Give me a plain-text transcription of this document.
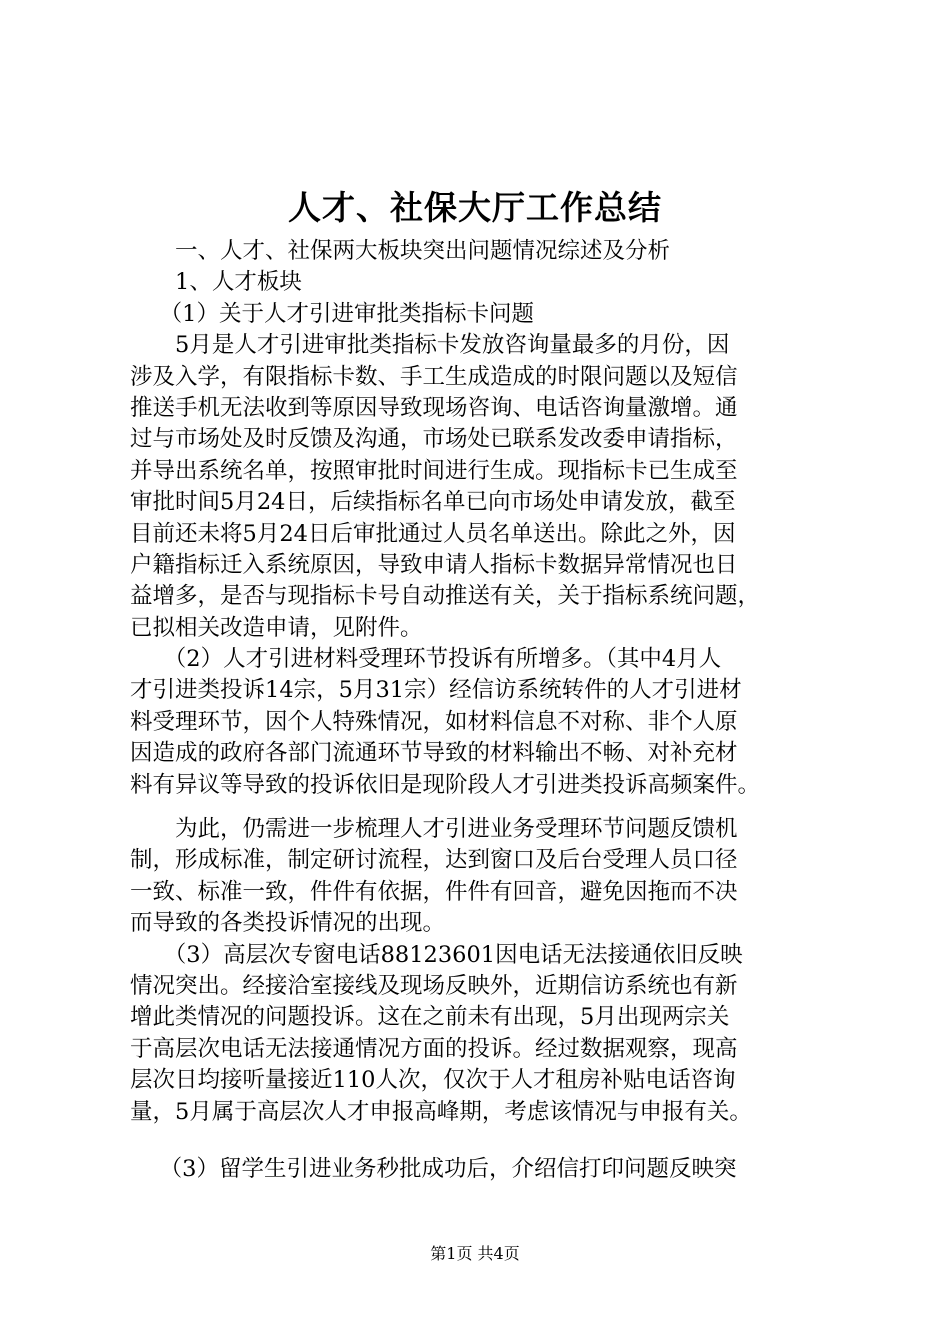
人才、社保大厅工作总结
　　一、人才、社保两大板块突出问题情况综述及分析
　　1、人才板块
　 （1）关于人才引进审批类指标卡问题
　　5月是人才引进审批类指标卡发放咨询量最多的月份，因
涉及入学，有限指标卡数、手工生成造成的时限问题以及短信
推送手机无法收到等原因导致现场咨询、电话咨询量激增。通
过与市场处及时反馈及沟通，市场处已联系发改委申请指标，
并导出系统名单，按照审批时间进行生成。现指标卡已生成至
审批时间5月24日，后续指标名单已向市场处申请发放，截至
目前还未将5月24日后审批通过人员名单送出。除此之外，因
户籍指标迁入系统原因，导致申请人指标卡数据异常情况也日
益增多，是否与现指标卡号自动推送有关，关于指标系统问题，
已拟相关改造申请，见附件。
　　（2）人才引进材料受理环节投诉有所增多。（其中4月人
才引进类投诉14宗，5月31宗）经信访系统转件的人才引进材
料受理环节，因个人特殊情况，如材料信息不对称、非个人原
因造成的政府各部门流通环节导致的材料输出不畅、对补充材
料有异议等导致的投诉依旧是现阶段人才引进类投诉高频案件。
　　为此，仍需进一步梳理人才引进业务受理环节问题反馈机
制，形成标准，制定研讨流程，达到窗口及后台受理人员口径
一致、标准一致，件件有依据，件件有回音，避免因拖而不决
而导致的各类投诉情况的出现。
　　（3）高层次专窗电话88123601因电话无法接通依旧反映
情况突出。经接洽室接线及现场反映外，近期信访系统也有新
增此类情况的问题投诉。这在之前未有出现，5月出现两宗关
于高层次电话无法接通情况方面的投诉。经过数据观察，现高
层次日均接听量接近110人次，仅次于人才租房补贴电话咨询
量，5月属于高层次人才申报高峰期，考虑该情况与申报有关。
　 （3）留学生引进业务秒批成功后，介绍信打印问题反映突
第1页 共4页
